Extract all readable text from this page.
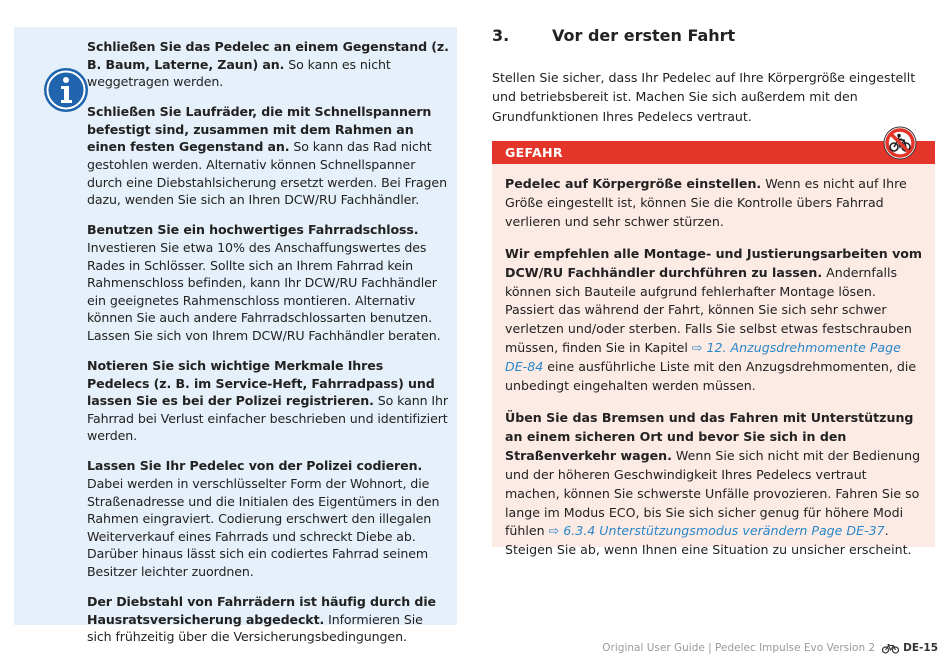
Schließen Sie das Pedelec an einem Gegenstand (z. B. Baum, Laterne, Zaun) an. So kann es nicht weggetragen werden.

Schließen Sie Laufräder, die mit Schnellspannern befestigt sind, zusammen mit dem Rahmen an einen festen Gegenstand an. So kann das Rad nicht gestohlen werden. Alternativ können Schnellspanner durch eine Diebstahlsicherung ersetzt werden. Bei Fragen dazu, wenden Sie sich an Ihren DCW/RU Fachhändler.

Benutzen Sie ein hochwertiges Fahrradschloss. Investieren Sie etwa 10% des Anschaffungswertes des Rades in Schlösser. Sollte sich an Ihrem Fahrrad kein Rahmenschloss befinden, kann Ihr DCW/RU Fachhändler ein geeignetes Rahmenschloss montieren. Alternativ können Sie auch andere Fahrradschlossarten benutzen. Lassen Sie sich von Ihrem DCW/RU Fachhändler beraten.

Notieren Sie sich wichtige Merkmale Ihres Pedelecs (z. B. im Service-Heft, Fahrradpass) und lassen Sie es bei der Polizei registrieren. So kann Ihr Fahrrad bei Verlust einfacher beschrieben und identifiziert werden.

Lassen Sie Ihr Pedelec von der Polizei codieren. Dabei werden in verschlüsselter Form der Wohnort, die Straßenadresse und die Initialen des Eigentümers in den Rahmen eingraviert. Codierung erschwert den illegalen Weiterverkauf eines Fahrrads und schreckt Diebe ab. Darüber hinaus lässt sich ein codiertes Fahrrad seinem Besitzer leichter zuordnen.

Der Diebstahl von Fahrrädern ist häufig durch die Hausratsversicherung abgedeckt. Informieren Sie sich frühzeitig über die Versicherungsbedingungen.

3.	Vor der ersten Fahrt

Stellen Sie sicher, dass Ihr Pedelec auf Ihre Körpergröße eingestellt und betriebsbereit ist. Machen Sie sich außerdem mit den Grundfunktionen Ihres Pedelecs vertraut.

GEFAHR

Pedelec auf Körpergröße einstellen. Wenn es nicht auf Ihre Größe eingestellt ist, können Sie die Kontrolle übers Fahrrad verlieren und sehr schwer stürzen.

Wir empfehlen alle Montage- und Justierungsarbeiten vom DCW/RU Fachhändler durchführen zu lassen. Andernfalls können sich Bauteile aufgrund fehlerhafter Montage lösen. Passiert das während der Fahrt, können Sie sich sehr schwer verletzen und/oder sterben. Falls Sie selbst etwas festschrauben müssen, finden Sie in Kapitel ⇨ 12. Anzugsdrehmomente Page DE-84 eine ausführliche Liste mit den Anzugsdrehmomenten, die unbedingt eingehalten werden müssen.

Üben Sie das Bremsen und das Fahren mit Unterstützung an einem sicheren Ort und bevor Sie sich in den Straßenverkehr wagen. Wenn Sie sich nicht mit der Bedienung und der höheren Geschwindigkeit Ihres Pedelecs vertraut machen, können Sie schwerste Unfälle provozieren. Fahren Sie so lange im Modus ECO, bis Sie sich sicher genug für höhere Modi fühlen ⇨ 6.3.4 Unterstützungsmodus verändern Page DE-37. Steigen Sie ab, wenn Ihnen eine Situation zu unsicher erscheint.

Original User Guide | Pedelec Impulse Evo Version 2	DE-15
